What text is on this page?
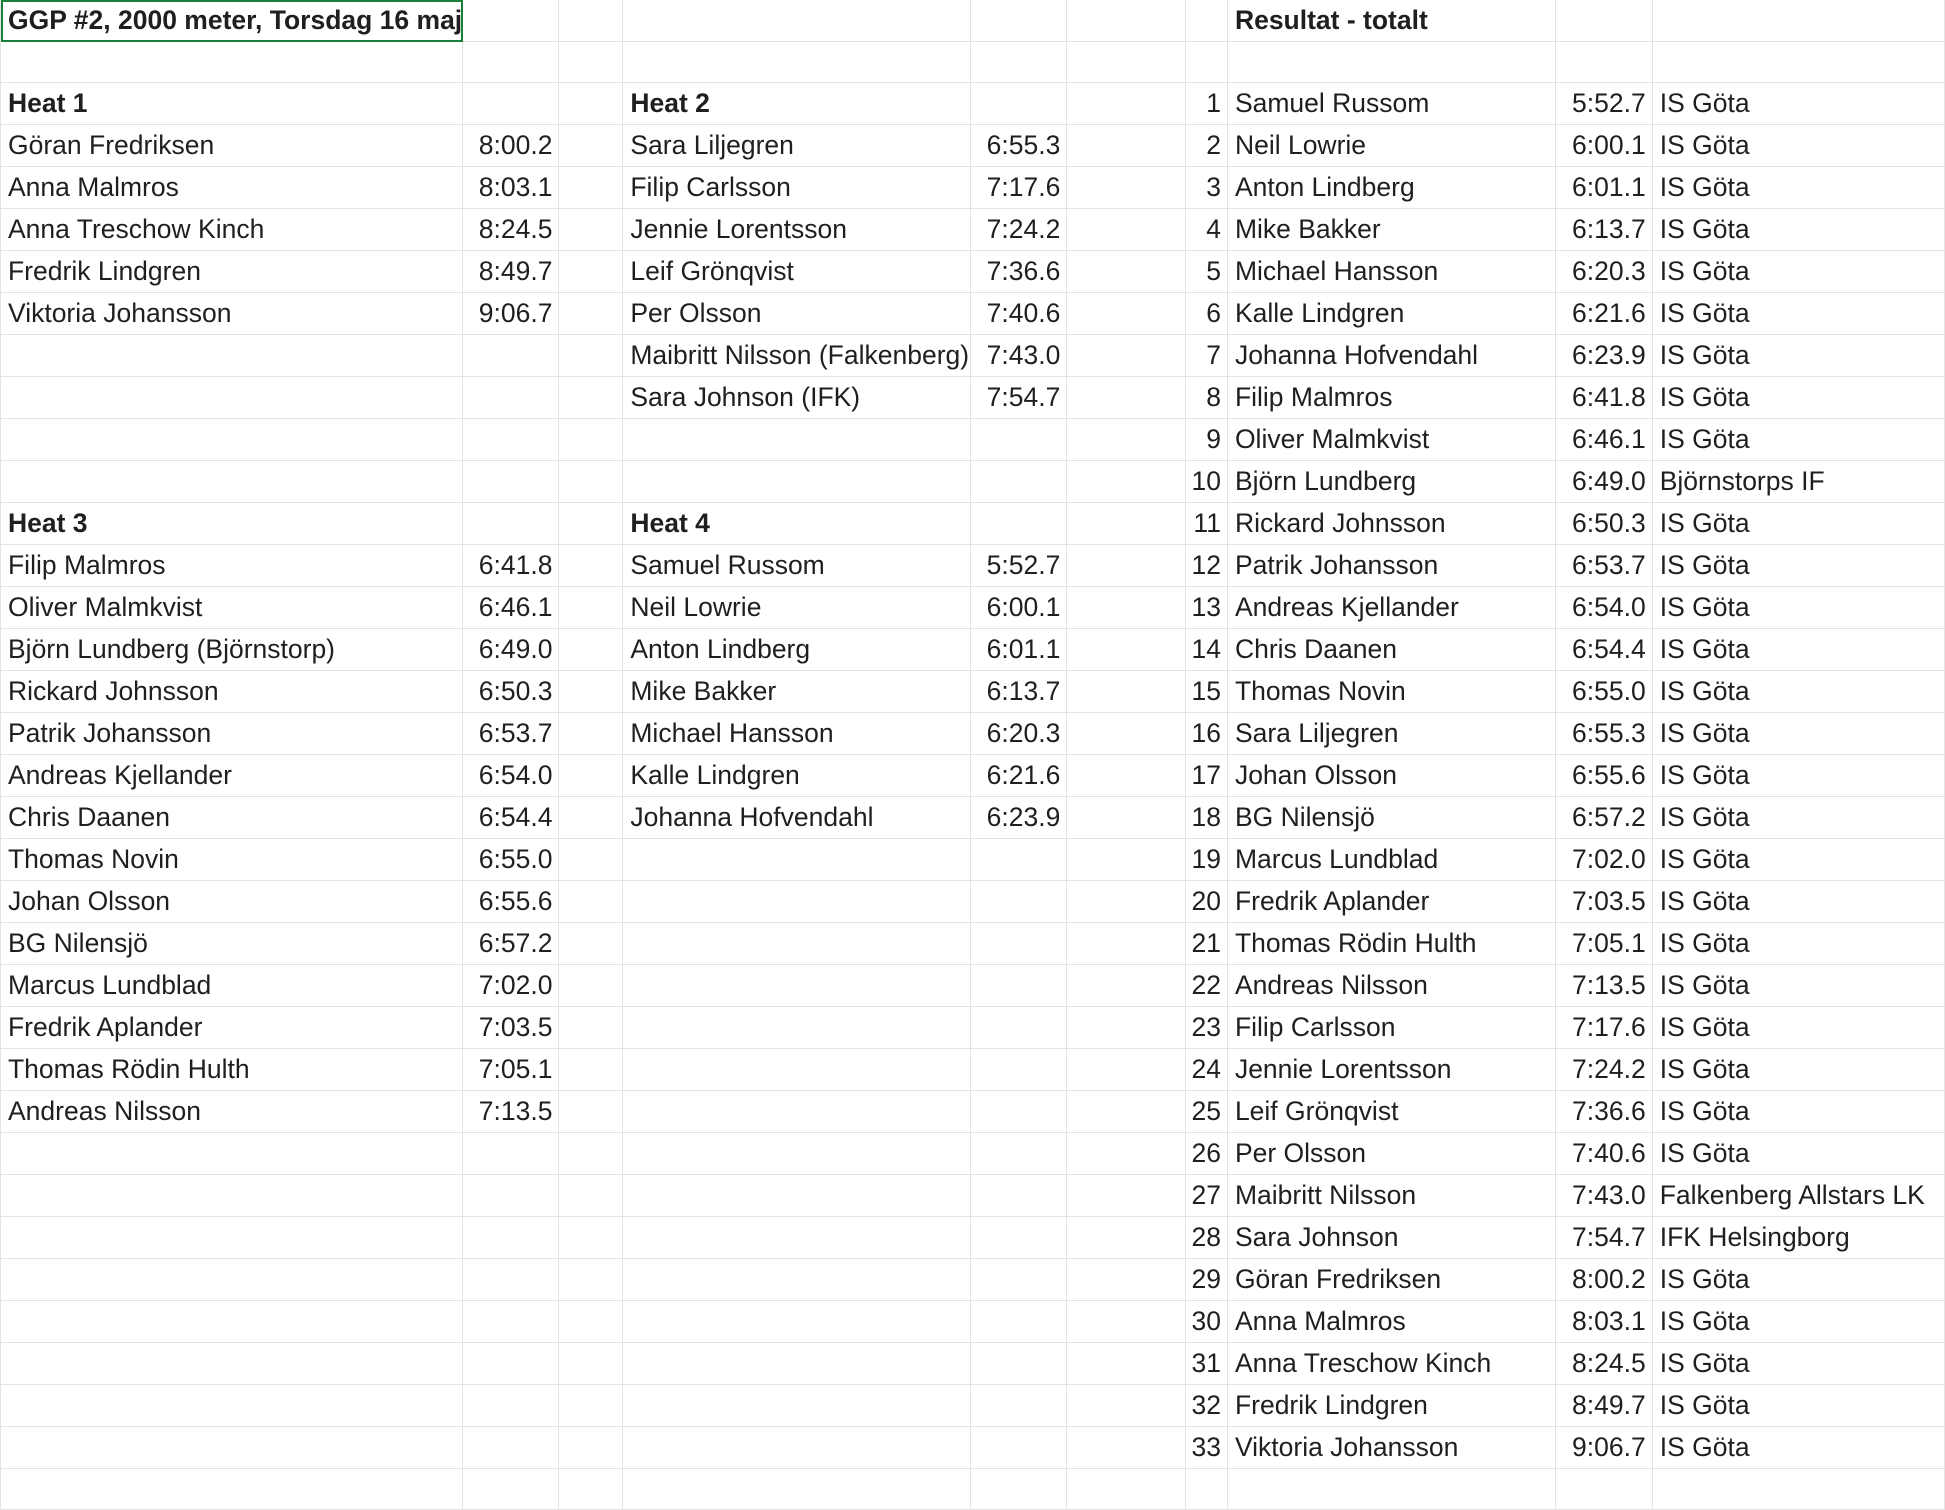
GGP #2, 2000 meter, Torsdag 16 maj							Resultat - totalt		

Heat 1			Heat 2			1	Samuel Russom	5:52.7	IS Göta
Göran Fredriksen	8:00.2		Sara Liljegren	6:55.3		2	Neil Lowrie	6:00.1	IS Göta
Anna Malmros	8:03.1		Filip Carlsson	7:17.6		3	Anton Lindberg	6:01.1	IS Göta
Anna Treschow Kinch	8:24.5		Jennie Lorentsson	7:24.2		4	Mike Bakker	6:13.7	IS Göta
Fredrik Lindgren	8:49.7		Leif Grönqvist	7:36.6		5	Michael Hansson	6:20.3	IS Göta
Viktoria Johansson	9:06.7		Per Olsson	7:40.6		6	Kalle Lindgren	6:21.6	IS Göta
			Maibritt Nilsson (Falkenberg)	7:43.0		7	Johanna Hofvendahl	6:23.9	IS Göta
			Sara Johnson (IFK)	7:54.7		8	Filip Malmros	6:41.8	IS Göta
						9	Oliver Malmkvist	6:46.1	IS Göta
						10	Björn Lundberg	6:49.0	Björnstorps IF
Heat 3			Heat 4			11	Rickard Johnsson	6:50.3	IS Göta
Filip Malmros	6:41.8		Samuel Russom	5:52.7		12	Patrik Johansson	6:53.7	IS Göta
Oliver Malmkvist	6:46.1		Neil Lowrie	6:00.1		13	Andreas Kjellander	6:54.0	IS Göta
Björn Lundberg (Björnstorp)	6:49.0		Anton Lindberg	6:01.1		14	Chris Daanen	6:54.4	IS Göta
Rickard Johnsson	6:50.3		Mike Bakker	6:13.7		15	Thomas Novin	6:55.0	IS Göta
Patrik Johansson	6:53.7		Michael Hansson	6:20.3		16	Sara Liljegren	6:55.3	IS Göta
Andreas Kjellander	6:54.0		Kalle Lindgren	6:21.6		17	Johan Olsson	6:55.6	IS Göta
Chris Daanen	6:54.4		Johanna Hofvendahl	6:23.9		18	BG Nilensjö	6:57.2	IS Göta
Thomas Novin	6:55.0					19	Marcus Lundblad	7:02.0	IS Göta
Johan Olsson	6:55.6					20	Fredrik Aplander	7:03.5	IS Göta
BG Nilensjö	6:57.2					21	Thomas Rödin Hulth	7:05.1	IS Göta
Marcus Lundblad	7:02.0					22	Andreas Nilsson	7:13.5	IS Göta
Fredrik Aplander	7:03.5					23	Filip Carlsson	7:17.6	IS Göta
Thomas Rödin Hulth	7:05.1					24	Jennie Lorentsson	7:24.2	IS Göta
Andreas Nilsson	7:13.5					25	Leif Grönqvist	7:36.6	IS Göta
						26	Per Olsson	7:40.6	IS Göta
						27	Maibritt Nilsson	7:43.0	Falkenberg Allstars LK
						28	Sara Johnson	7:54.7	IFK Helsingborg
						29	Göran Fredriksen	8:00.2	IS Göta
						30	Anna Malmros	8:03.1	IS Göta
						31	Anna Treschow Kinch	8:24.5	IS Göta
						32	Fredrik Lindgren	8:49.7	IS Göta
						33	Viktoria Johansson	9:06.7	IS Göta
